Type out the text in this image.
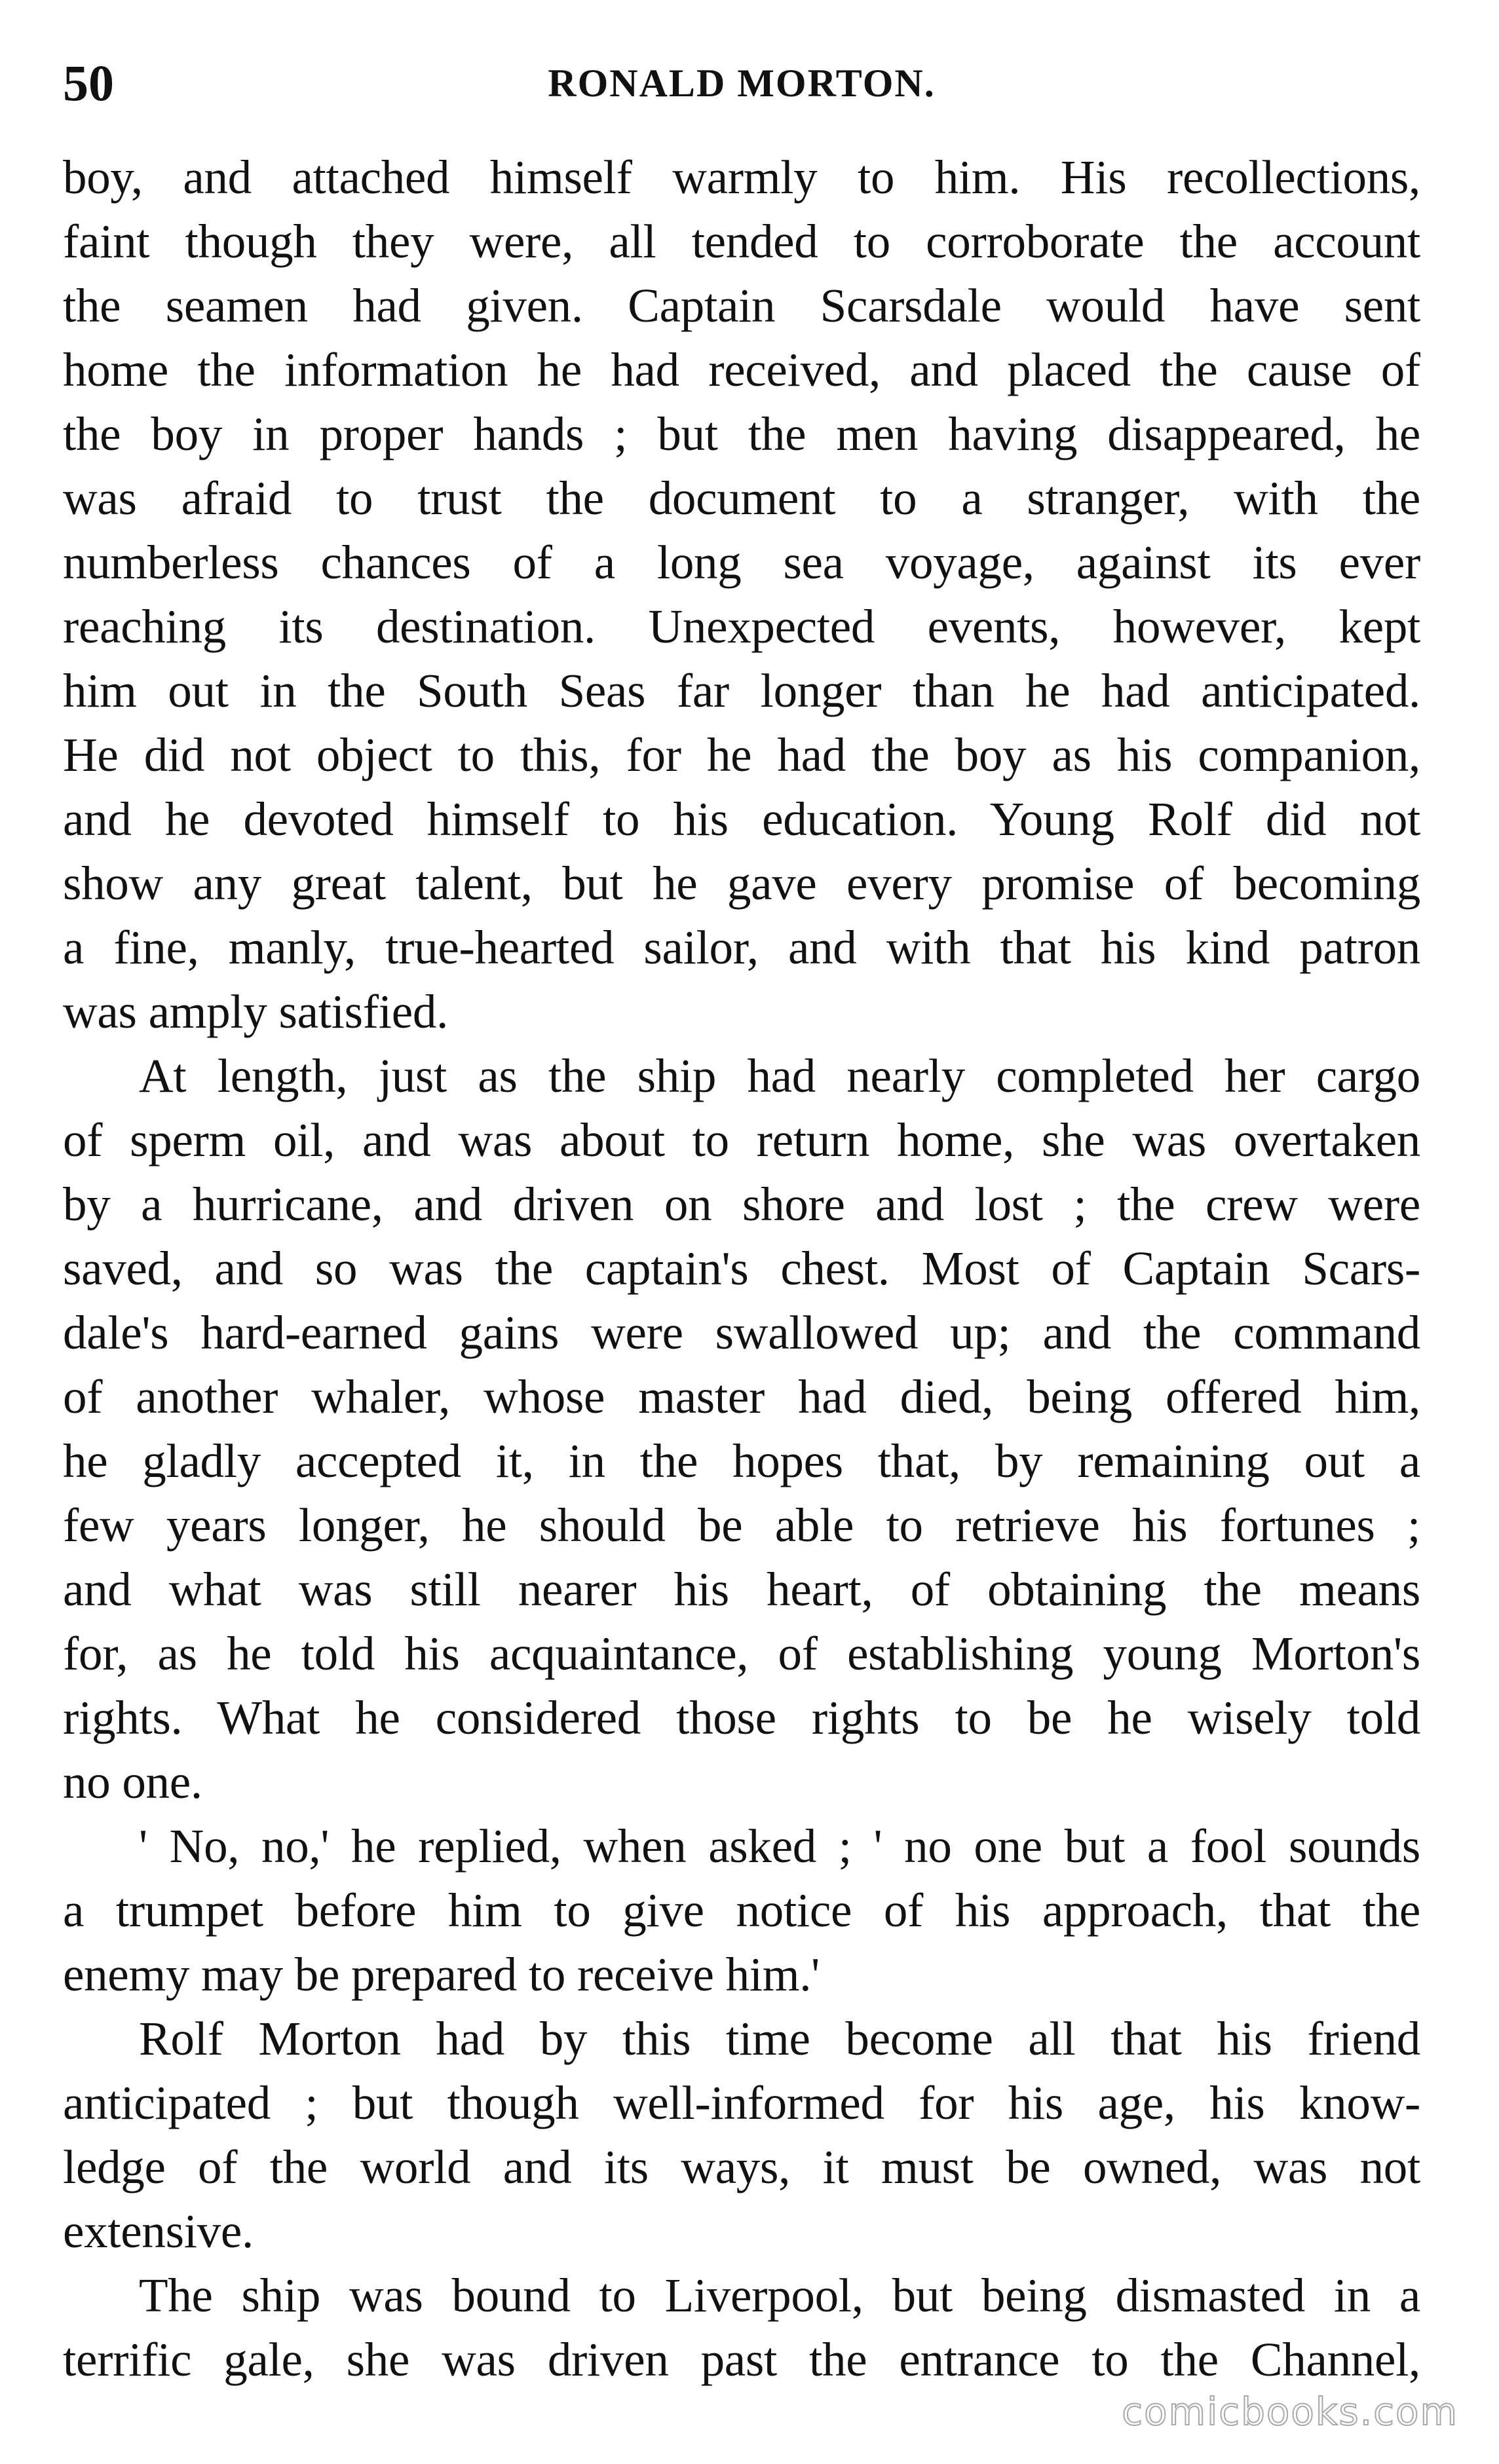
50	RONALD MORTON.
boy, and attached himself warmly to him. His recollections,
faint though they were, all tended to corroborate the account
the seamen had given. Captain Scarsdale would have sent
home the information he had received, and placed the cause of
the boy in proper hands ; but the men having disappeared, he
was afraid to trust the document to a stranger, with the
numberless chances of a long sea voyage, against its ever
reaching its destination. Unexpected events, however, kept
him out in the South Seas far longer than he had anticipated.
He did not object to this, for he had the boy as his companion,
and he devoted himself to his education. Young Rolf did not
show any great talent, but he gave every promise of becoming
a fine, manly, true-hearted sailor, and with that his kind patron
was amply satisfied.
At length, just as the ship had nearly completed her cargo
of sperm oil, and was about to return home, she was overtaken
by a hurricane, and driven on shore and lost ; the crew were
saved, and so was the captain's chest. Most of Captain Scars-
dale's hard-earned gains were swallowed up; and the command
of another whaler, whose master had died, being offered him,
he gladly accepted it, in the hopes that, by remaining out a
few years longer, he should be able to retrieve his fortunes ;
and what was still nearer his heart, of obtaining the means
for, as he told his acquaintance, of establishing young Morton's
rights. What he considered those rights to be he wisely told
no one.
' No, no,' he replied, when asked ; ' no one but a fool sounds
a trumpet before him to give notice of his approach, that the
enemy may be prepared to receive him.'
Rolf Morton had by this time become all that his friend
anticipated ; but though well-informed for his age, his know-
ledge of the world and its ways, it must be owned, was not
extensive.
The ship was bound to Liverpool, but being dismasted in a
terrific gale, she was driven past the entrance to the Channel,
comicbooks.com
